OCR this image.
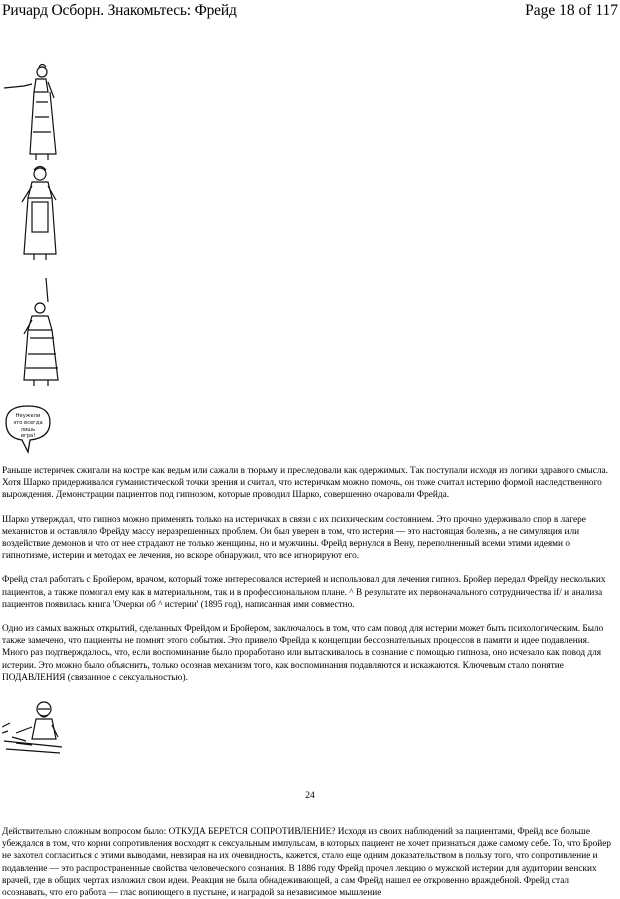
Ричард Осборн. Знакомьтесь: Фрейд	Page 18 of 117
Неужели
это всегда
лишь
игра!

Раньше истеричек сжигали на костре как ведьм или сажали в тюрьму и преследовали как одержимых. Так поступали исходя из логики здравого смысла. Хотя Шарко придерживался гуманистической точки зрения и считал, что истеричкам можно помочь, он тоже считал истерию формой наследственного вырождения. Демонстрации пациентов под гипнозом, которые проводил Шарко, совершенно очаровали Фрейда.

Шарко утверждал, что гипноз можно применять только на истеричках в связи с их психическим состоянием. Это прочно удерживало спор в лагере механистов и оставляло Фрейду массу неразрешенных проблем. Он был уверен в том, что истерия — это настоящая болезнь, а не симуляция или воздействие демонов и что от нее страдают не только женщины, но и мужчины. Фрейд вернулся в Вену, переполненный всеми этими идеями о гипнотизме, истерии и методах ее лечения, но вскоре обнаружил, что все игнорируют его.

Фрейд стал работать с Бройером, врачом, который тоже интересовался истерией и использовал для лечения гипноз. Бройер передал Фрейду нескольких пациентов, а также помогал ему как в материальном, так и в профессиональном плане. ^ В результате их первоначального сотрудничества if/ и анализа пациентов появилась книга 'Очерки об ^ истерии' (1895 год), написанная ими совместно.

Одно из самых важных открытий, сделанных Фрейдом и Бройером, заключалось в том, что сам повод для истерии может быть психологическим. Было также замечено, что пациенты не помнят этого события. Это привело Фрейда к концепции бессознательных процессов в памяти и идее подавления. Много раз подтверждалось, что, если воспоминание было проработано или вытаскивалось в сознание с помощью гипноза, оно исчезало как повод для истерии. Это можно было объяснить, только осознав механизм того, как воспоминания подавляются и искажаются. Ключевым стало понятие ПОДАВЛЕНИЯ (связанное с сексуальностью).

24

Действительно сложным вопросом было: ОТКУДА БЕРЕТСЯ СОПРОТИВЛЕНИЕ? Исходя из своих наблюдений за пациентами, Фрейд все больше убеждался в том, что корни сопротивления восходят к сексуальным импульсам, в которых пациент не хочет признаться даже самому себе. То, что Бройер не захотел согласиться с этими выводами, невзирая на их очевидность, кажется, стало еще одним доказательством в пользу того, что сопротивление и подавление — это распространенные свойства человеческого сознания. В 1886 году Фрейд прочел лекцию о мужской истерии для аудитории венских врачей, где в общих чертах изложил свои идеи. Реакция не была обнадеживающей, а сам Фрейд нашел ее откровенно враждебной. Фрейд стал осознавать, что его работа — глас вопиющего в пустыне, и наградой за независимое мышление
